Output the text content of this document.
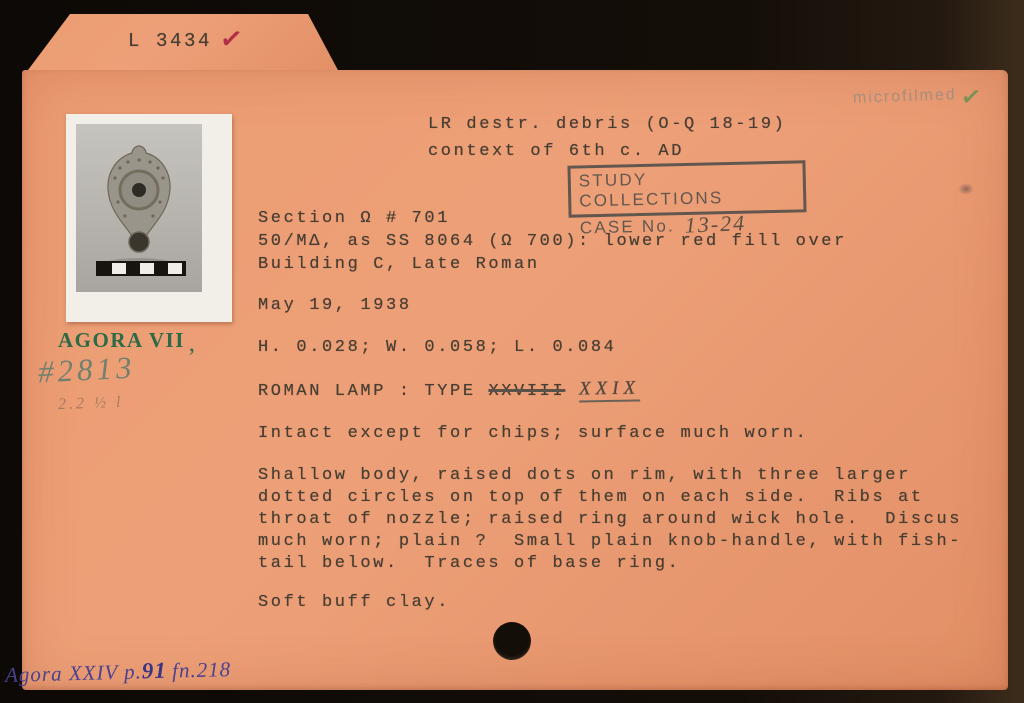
L 3434 ✓
microfilmed ✓
LR destr. debris (O-Q 18-19)
context of 6th c. AD
STUDY COLLECTIONS
CASE No. 13-24
Section Ω # 701
50/MΔ, as SS 8064 (Ω 700): lower red fill over
Building C, Late Roman
May 19, 1938
H. 0.028; W. 0.058; L. 0.084
ROMAN LAMP : TYPE XXVIII XXIX
Intact except for chips; surface much worn.
Shallow body, raised dots on rim, with three larger
dotted circles on top of them on each side.  Ribs at
throat of nozzle; raised ring around wick hole.  Discus
much worn; plain ?  Small plain knob-handle, with fish-
tail below.  Traces of base ring.
Soft buff clay.
AGORA VII ,
#2813
2.2 ½ l
Agora XXIV p.91  fn.218
